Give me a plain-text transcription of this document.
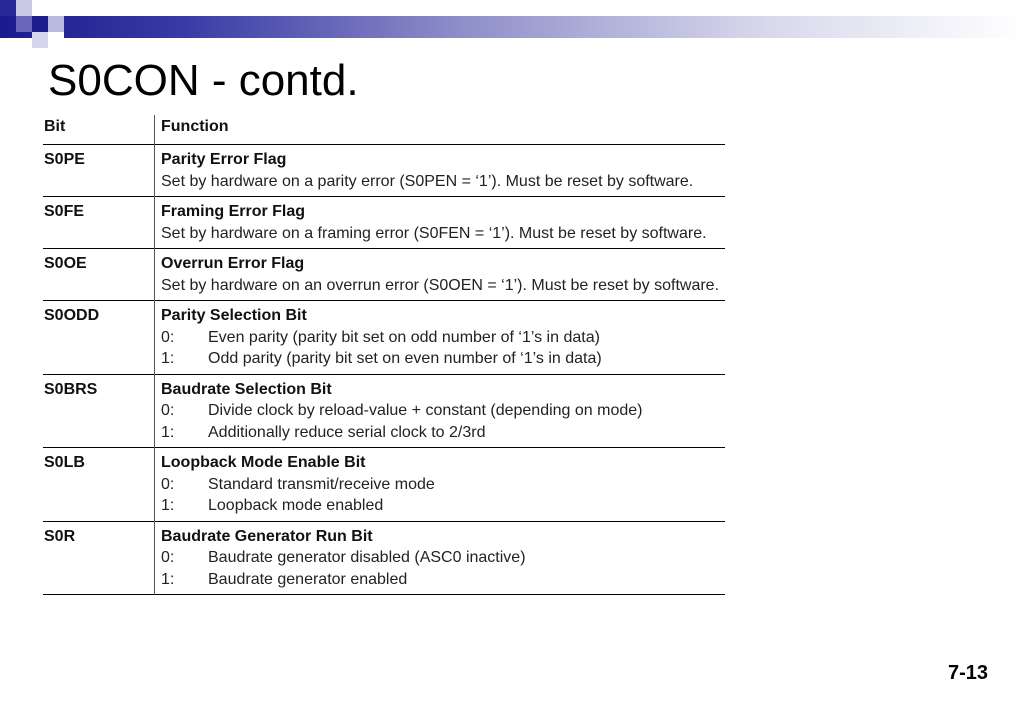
S0CON - contd.
Bit	Function
S0PE	Parity Error Flag
Set by hardware on a parity error (S0PEN = ‘1’). Must be reset by software.

S0FE	Framing Error Flag
Set by hardware on a framing error (S0FEN = ‘1’). Must be reset by software.

S0OE	Overrun Error Flag
Set by hardware on an overrun error (S0OEN = ‘1’). Must be reset by software.

S0ODD	Parity Selection Bit
0: Even parity (parity bit set on odd number of ‘1’s in data)
1: Odd parity (parity bit set on even number of ‘1’s in data)

S0BRS	Baudrate Selection Bit
0: Divide clock by reload-value + constant (depending on mode)
1: Additionally reduce serial clock to 2/3rd

S0LB	Loopback Mode Enable Bit
0: Standard transmit/receive mode
1: Loopback mode enabled

S0R	Baudrate Generator Run Bit
0: Baudrate generator disabled (ASC0 inactive)
1: Baudrate generator enabled
7-13
